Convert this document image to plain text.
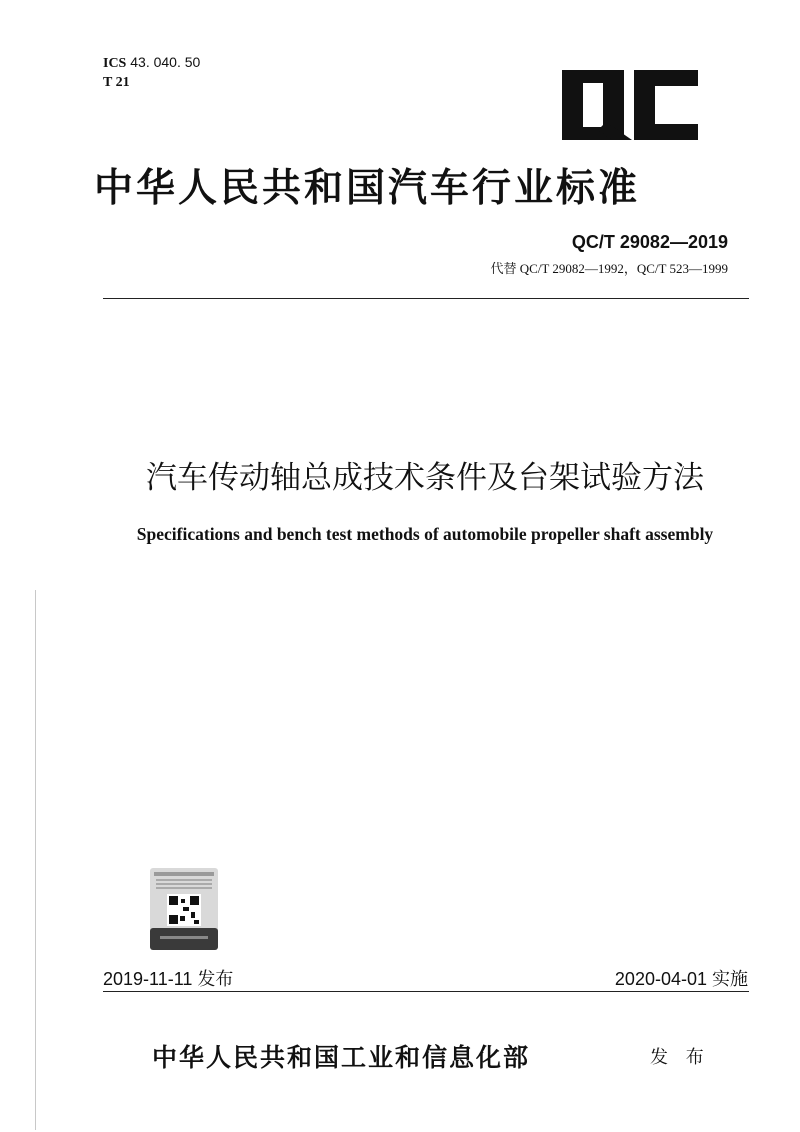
ICS 43. 040. 50
T 21
中华人民共和国汽车行业标准
QC/T 29082—2019
代替 QC/T 29082—1992，QC/T 523—1999
汽车传动轴总成技术条件及台架试验方法
Specifications and bench test methods of automobile propeller shaft assembly
2019-11-11 发布	2020-04-01 实施
中华人民共和国工业和信息化部	发 布
